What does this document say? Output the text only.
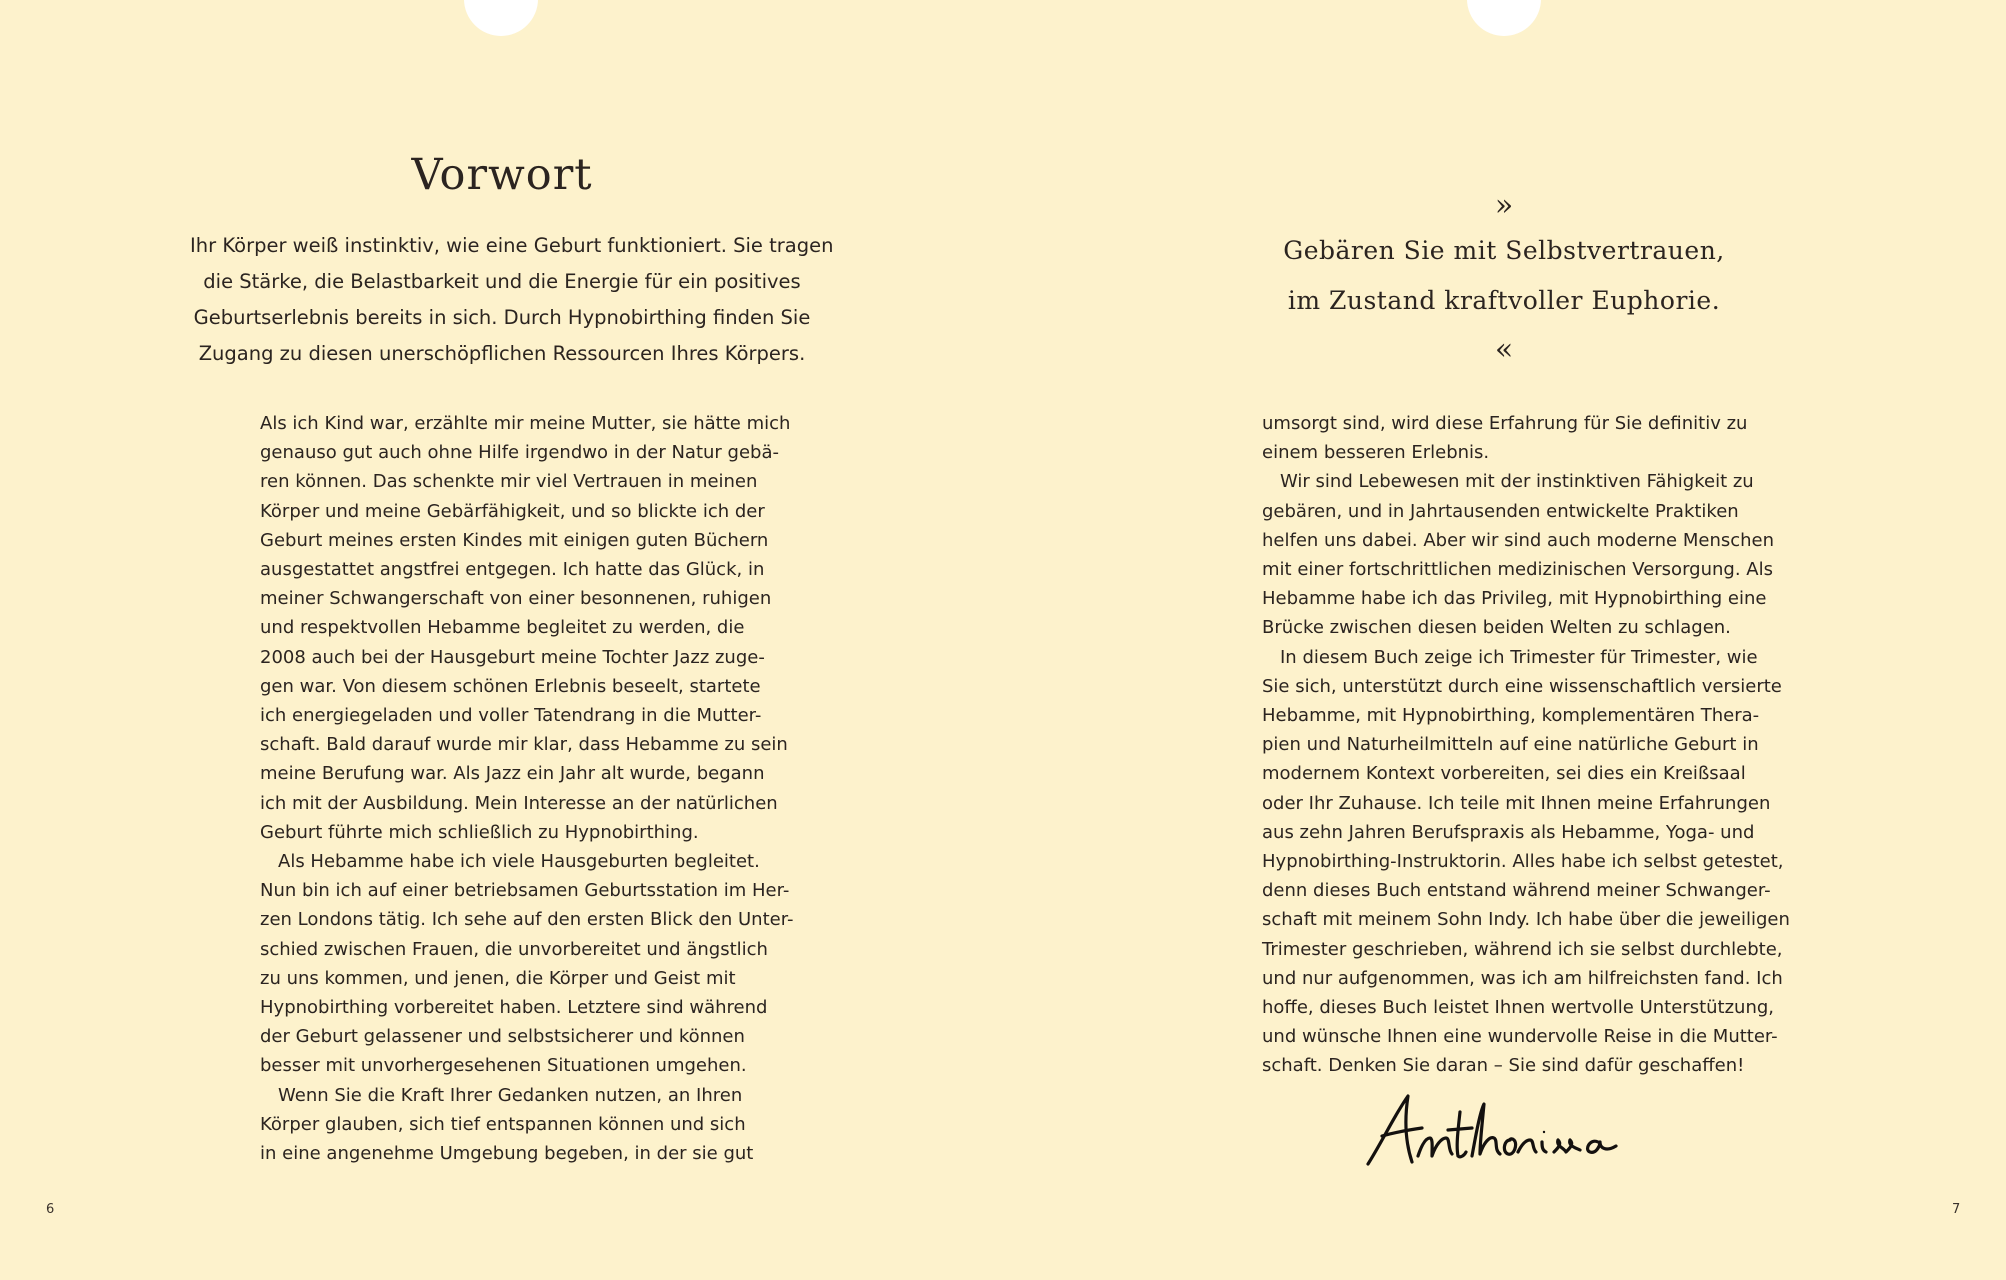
Vorwort
Ihr Körper weiß instinktiv, wie eine Geburt funktioniert. Sie tragen
die Stärke, die Belastbarkeit und die Energie für ein positives
Geburtserlebnis bereits in sich. Durch Hypnobirthing finden Sie
Zugang zu diesen unerschöpflichen Ressourcen Ihres Körpers.
Als ich Kind war, erzählte mir meine Mutter, sie hätte mich
genauso gut auch ohne Hilfe irgendwo in der Natur gebä-
ren können. Das schenkte mir viel Vertrauen in meinen
Körper und meine Gebärfähigkeit, und so blickte ich der
Geburt meines ersten Kindes mit einigen guten Büchern
ausgestattet angstfrei entgegen. Ich hatte das Glück, in
meiner Schwangerschaft von einer besonnenen, ruhigen
und respektvollen Hebamme begleitet zu werden, die
2008 auch bei der Hausgeburt meine Tochter Jazz zuge-
gen war. Von diesem schönen Erlebnis beseelt, startete
ich energiegeladen und voller Tatendrang in die Mutter-
schaft. Bald darauf wurde mir klar, dass Hebamme zu sein
meine Berufung war. Als Jazz ein Jahr alt wurde, begann
ich mit der Ausbildung. Mein Interesse an der natürlichen
Geburt führte mich schließlich zu Hypnobirthing.
Als Hebamme habe ich viele Hausgeburten begleitet.
Nun bin ich auf einer betriebsamen Geburtsstation im Her-
zen Londons tätig. Ich sehe auf den ersten Blick den Unter-
schied zwischen Frauen, die unvorbereitet und ängstlich
zu uns kommen, und jenen, die Körper und Geist mit
Hypnobirthing vorbereitet haben. Letztere sind während
der Geburt gelassener und selbstsicherer und können
besser mit unvorhergesehenen Situationen umgehen.
Wenn Sie die Kraft Ihrer Gedanken nutzen, an Ihren
Körper glauben, sich tief entspannen können und sich
in eine angenehme Umgebung begeben, in der sie gut
6
»
Gebären Sie mit Selbstvertrauen,
im Zustand kraftvoller Euphorie.
«
umsorgt sind, wird diese Erfahrung für Sie definitiv zu
einem besseren Erlebnis.
Wir sind Lebewesen mit der instinktiven Fähigkeit zu
gebären, und in Jahrtausenden entwickelte Praktiken
helfen uns dabei. Aber wir sind auch moderne Menschen
mit einer fortschrittlichen medizinischen Versorgung. Als
Hebamme habe ich das Privileg, mit Hypnobirthing eine
Brücke zwischen diesen beiden Welten zu schlagen.
In diesem Buch zeige ich Trimester für Trimester, wie
Sie sich, unterstützt durch eine wissenschaftlich versierte
Hebamme, mit Hypnobirthing, komplementären Thera-
pien und Naturheilmitteln auf eine natürliche Geburt in
modernem Kontext vorbereiten, sei dies ein Kreißsaal
oder Ihr Zuhause. Ich teile mit Ihnen meine Erfahrungen
aus zehn Jahren Berufspraxis als Hebamme, Yoga- und
Hypnobirthing-Instruktorin. Alles habe ich selbst getestet,
denn dieses Buch entstand während meiner Schwanger-
schaft mit meinem Sohn Indy. Ich habe über die jeweiligen
Trimester geschrieben, während ich sie selbst durchlebte,
und nur aufgenommen, was ich am hilfreichsten fand. Ich
hoffe, dieses Buch leistet Ihnen wertvolle Unterstützung,
und wünsche Ihnen eine wundervolle Reise in die Mutter-
schaft. Denken Sie daran – Sie sind dafür geschaffen!
7
